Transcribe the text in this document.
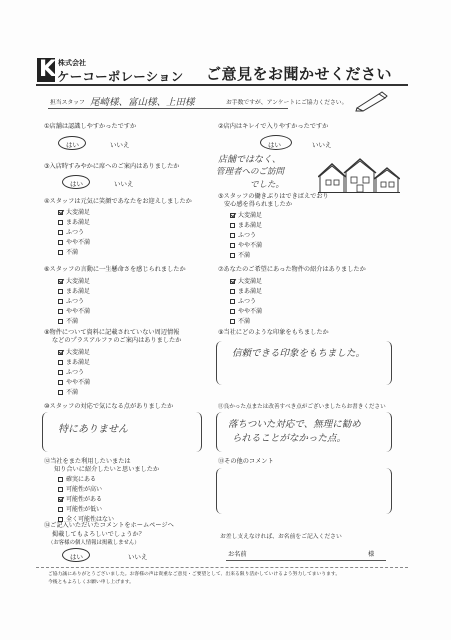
K
株式会社
ケーコーポレーション ご意見をお聞かせください
担当スタッフ 尾崎様、富山様、上田様	お手数ですが、アンケートにご協力ください。
①店舗は認識しやすかったですか
はい	いいえ
②店内はキレイで入りやすかったですか
はい	いいえ
③入店時すみやかに席へのご案内はありましたか
はい	いいえ
店舗ではなく、
管理者へのご訪問
でした。
④スタッフは元気に笑顔であなたをお迎えしましたか
大変満足
まあ満足
ふつう
やや不満
不満
⑤スタッフの働きぶりはできばえでおり
安心感を得られましたか
大変満足
まあ満足
ふつう
やや不満
不満
⑥スタッフの言動に一生懸命さを感じられましたか
大変満足
まあ満足
ふつう
やや不満
不満
⑦あなたのご希望にあった物件の紹介はありましたか
大変満足
まあ満足
ふつう
やや不満
不満
⑧物件について資料に記載されていない周辺情報
などのプラスアルファのご案内はありましたか
大変満足
まあ満足
ふつう
やや不満
不満
⑨当社にどのような印象をもちましたか
信頼できる印象をもちました。
⑩スタッフの対応で気になる点がありましたか
特にありません
⑪良かった点または改善すべき点がございましたらお書きください
落ちついた対応で、無理に勧め
られることがなかった点。
⑫当社をまた利用したいまたは
知り合いに紹介したいと思いましたか
確実にある
可能性が高い
可能性がある
可能性が低い
全く可能性はない
⑬その他のコメント
⑭ご記入いただいたコメントをホームページへ
掲載してもよろしいでしょうか？
（お客様の個人情報は掲載しません）
はい	いいえ
お差し支えなければ、お名前をご記入ください
お名前	様
ご協力誠にありがとうございました。お客様の声は貴重なご意見・ご要望として、出来る限り活かしていけるよう努力してまいります。
今後ともよろしくお願い申し上げます。
